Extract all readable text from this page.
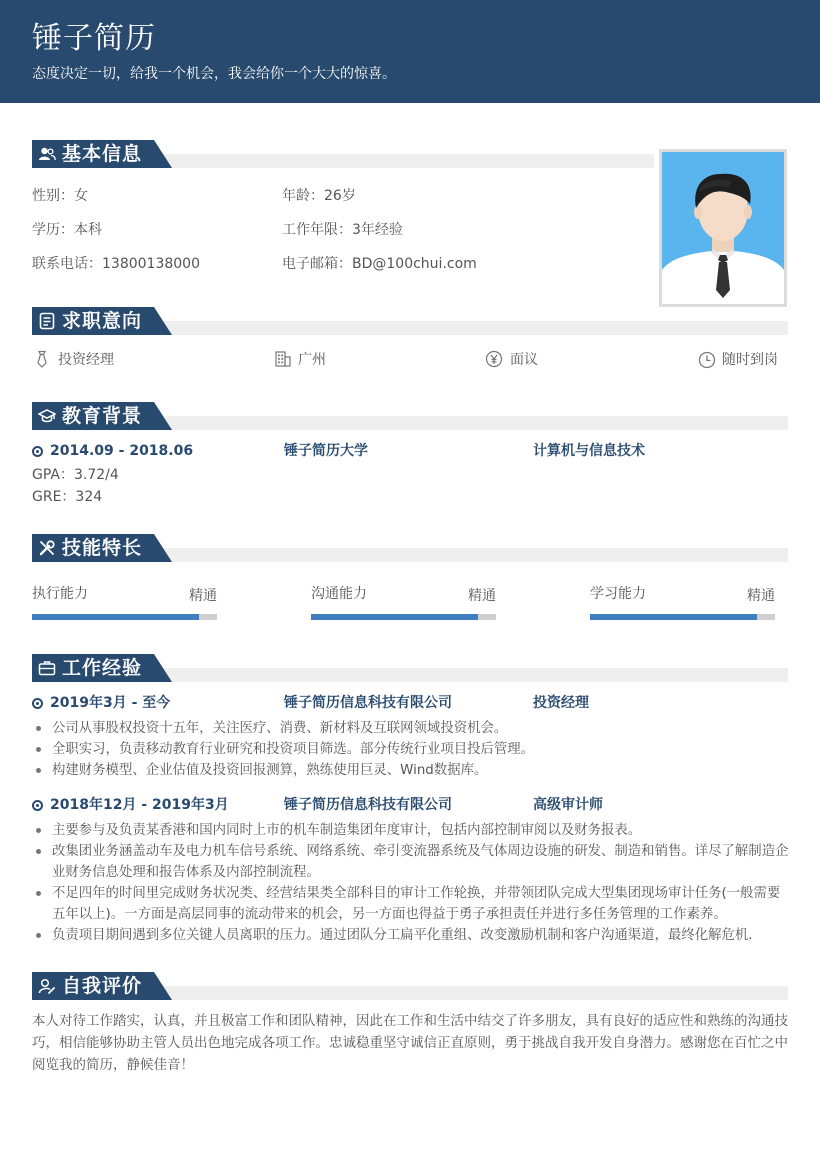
锤子简历
态度决定一切，给我一个机会，我会给你一个大大的惊喜。
基本信息
性别：女	年龄：26岁
学历：本科	工作年限：3年经验
联系电话：13800138000	电子邮箱：BD@100chui.com
求职意向
投资经理	广州	面议	随时到岗
教育背景
2014.09 - 2018.06	锤子简历大学	计算机与信息技术
GPA：3.72/4
GRE：324
技能特长
执行能力	精通	沟通能力	精通	学习能力	精通
工作经验
2019年3月 - 至今	锤子简历信息科技有限公司	投资经理
公司从事股权投资十五年，关注医疗、消费、新材料及互联网领域投资机会。
全职实习，负责移动教育行业研究和投资项目筛选。部分传统行业项目投后管理。
构建财务模型、企业估值及投资回报测算，熟练使用巨灵、Wind数据库。
2018年12月 - 2019年3月	锤子简历信息科技有限公司	高级审计师
主要参与及负责某香港和国内同时上市的机车制造集团年度审计，包括内部控制审阅以及财务报表。
改集团业务涵盖动车及电力机车信号系统、网络系统、牵引变流器系统及气体周边设施的研发、制造和销售。详尽了解制造企业财务信息处理和报告体系及内部控制流程。
不足四年的时间里完成财务状况类、经营结果类全部科目的审计工作轮换，并带领团队完成大型集团现场审计任务(一般需要五年以上)。一方面是高层同事的流动带来的机会，另一方面也得益于勇子承担责任并进行多任务管理的工作素养。
负责项目期间遇到多位关键人员离职的压力。通过团队分工扁平化重组、改变激励机制和客户沟通渠道，最终化解危机.
自我评价
本人对待工作踏实，认真，并且极富工作和团队精神，因此在工作和生活中结交了许多朋友，具有良好的适应性和熟练的沟通技巧，相信能够协助主管人员出色地完成各项工作。忠诚稳重坚守诚信正直原则，勇于挑战自我开发自身潜力。感谢您在百忙之中阅览我的简历，静候佳音！
